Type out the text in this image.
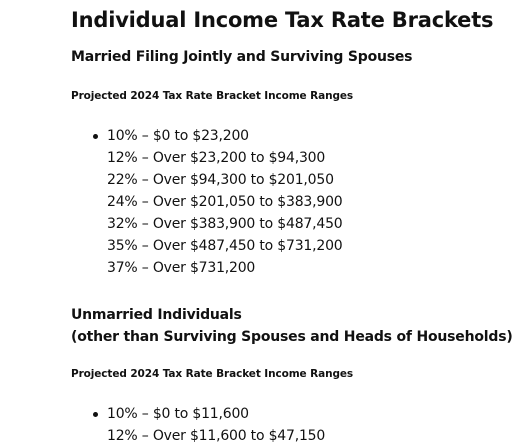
Individual Income Tax Rate Brackets
Married Filing Jointly and Surviving Spouses
Projected 2024 Tax Rate Bracket Income Ranges
10% – $0 to $23,200
12% – Over $23,200 to $94,300
22% – Over $94,300 to $201,050
24% – Over $201,050 to $383,900
32% – Over $383,900 to $487,450
35% – Over $487,450 to $731,200
37% – Over $731,200
Unmarried Individuals
(other than Surviving Spouses and Heads of Households)
Projected 2024 Tax Rate Bracket Income Ranges
10% – $0 to $11,600
12% – Over $11,600 to $47,150
